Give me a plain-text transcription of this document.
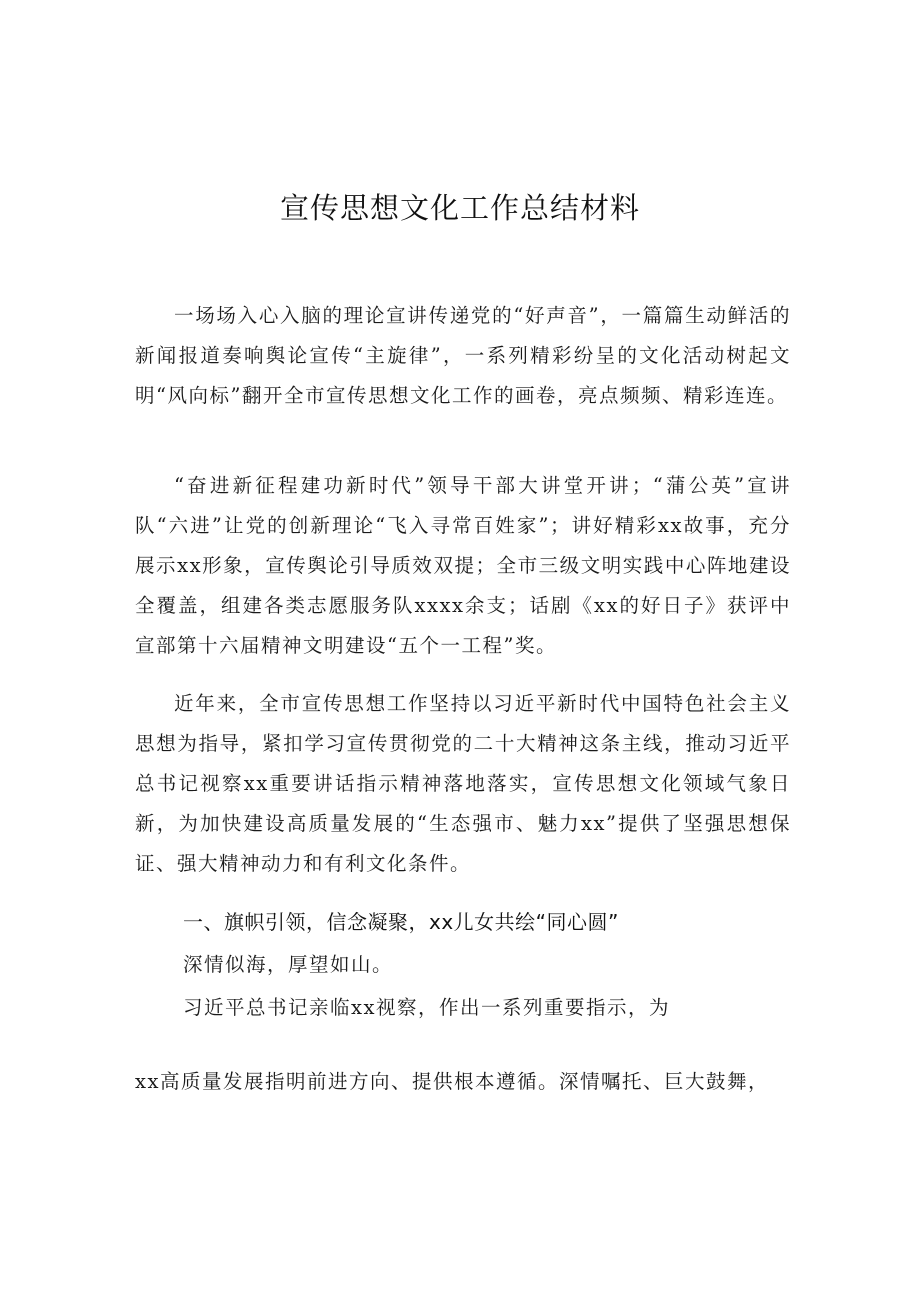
宣传思想文化工作总结材料

一场场入心入脑的理论宣讲传递党的“好声音”，一篇篇生动鲜活的新闻报道奏响舆论宣传“主旋律”，一系列精彩纷呈的文化活动树起文明“风向标”翻开全市宣传思想文化工作的画卷，亮点频频、精彩连连。

“奋进新征程建功新时代”领导干部大讲堂开讲；“蒲公英”宣讲队“六进”让党的创新理论“飞入寻常百姓家”；讲好精彩xx故事，充分展示xx形象，宣传舆论引导质效双提；全市三级文明实践中心阵地建设全覆盖，组建各类志愿服务队xxxx余支；话剧《xx的好日子》获评中宣部第十六届精神文明建设“五个一工程”奖。

近年来，全市宣传思想工作坚持以习近平新时代中国特色社会主义思想为指导，紧扣学习宣传贯彻党的二十大精神这条主线，推动习近平总书记视察xx重要讲话指示精神落地落实，宣传思想文化领域气象日新，为加快建设高质量发展的“生态强市、魅力xx”提供了坚强思想保证、强大精神动力和有利文化条件。

一、旗帜引领，信念凝聚，xx儿女共绘“同心圆”
深情似海，厚望如山。
习近平总书记亲临xx视察，作出一系列重要指示，为
xx高质量发展指明前进方向、提供根本遵循。深情嘱托、巨大鼓舞，
